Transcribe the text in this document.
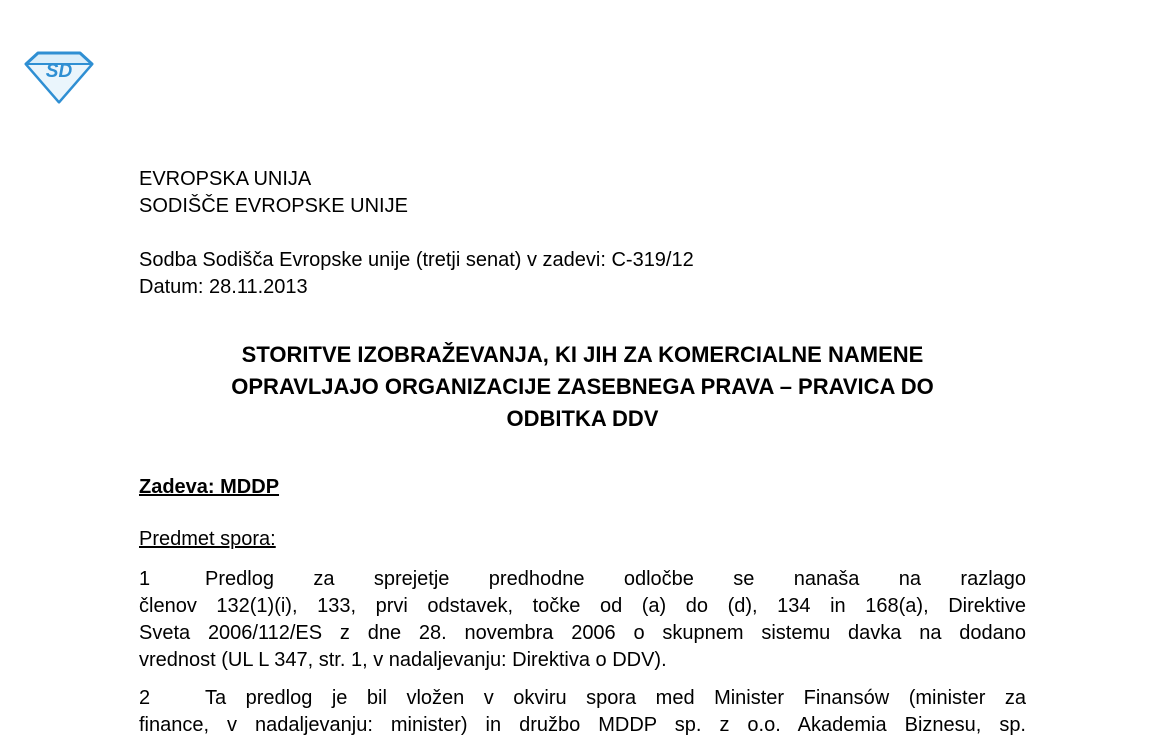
SD
EVROPSKA UNIJA
SODIŠČE EVROPSKE UNIJE
Sodba Sodišča Evropske unije (tretji senat) v zadevi: C-319/12
Datum: 28.11.2013
STORITVE IZOBRAŽEVANJA, KI JIH ZA KOMERCIALNE NAMENE
OPRAVLJAJO ORGANIZACIJE ZASEBNEGA PRAVA – PRAVICA DO
ODBITKA DDV
Zadeva: MDDP
Predmet spora:
1	Predlog za sprejetje predhodne odločbe se nanaša na razlago
členov 132(1)(i), 133, prvi odstavek, točke od (a) do (d), 134 in 168(a), Direktive
Sveta 2006/112/ES z dne 28. novembra 2006 o skupnem sistemu davka na dodano
vrednost (UL L 347, str. 1, v nadaljevanju: Direktiva o DDV).
2	Ta predlog je bil vložen v okviru spora med Minister Finansów (minister za
finance, v nadaljevanju: minister) in družbo MDDP sp. z o.o. Akademia Biznesu, sp.
